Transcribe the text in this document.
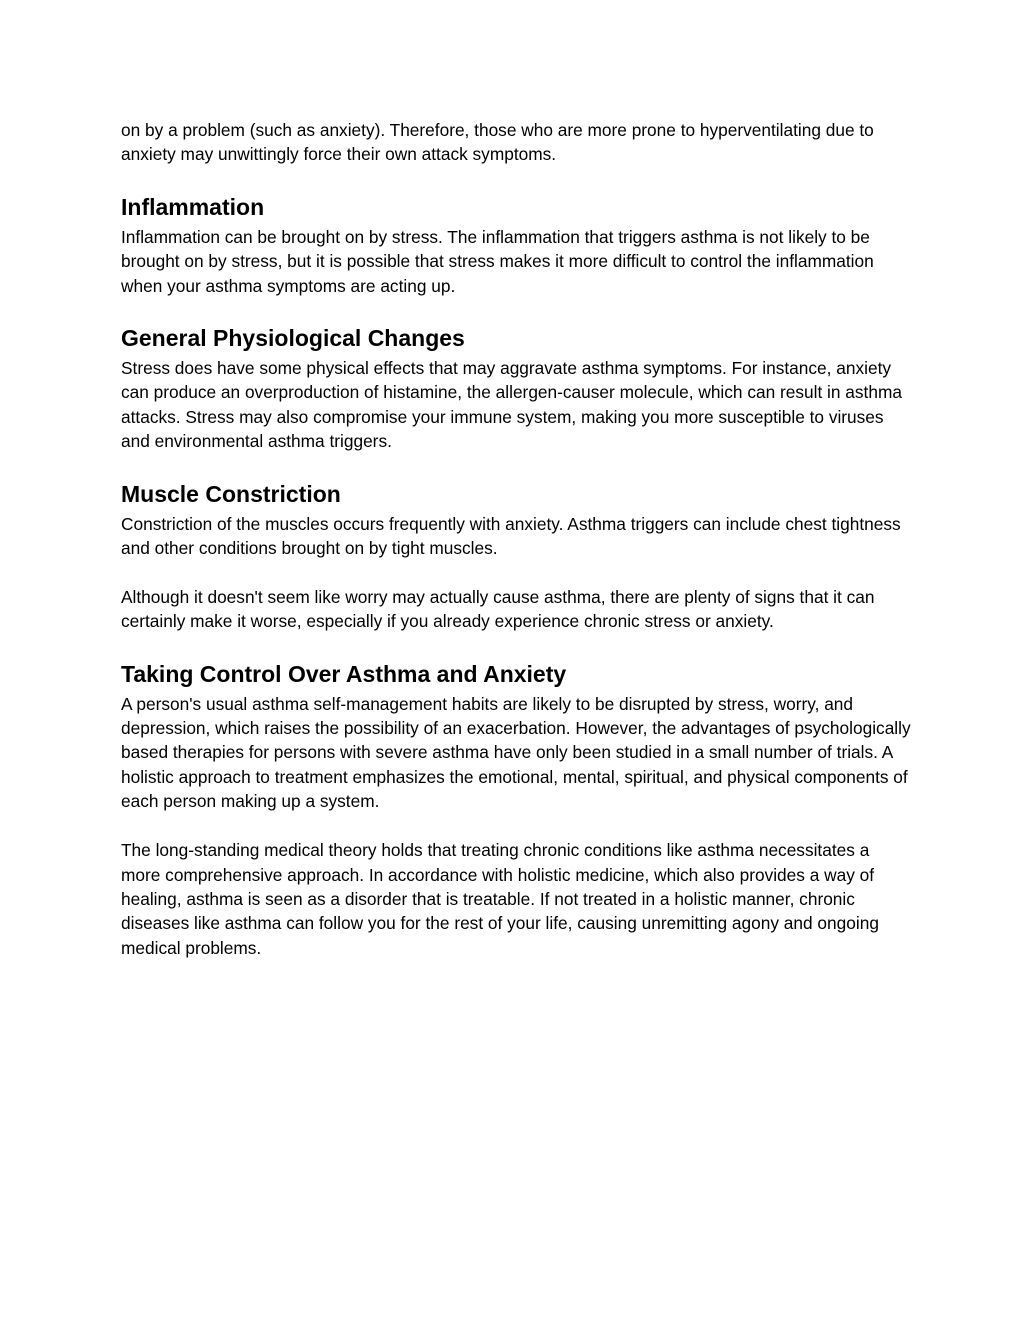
on by a problem (such as anxiety). Therefore, those who are more prone to hyperventilating due to anxiety may unwittingly force their own attack symptoms.

Inflammation

Inflammation can be brought on by stress. The inflammation that triggers asthma is not likely to be brought on by stress, but it is possible that stress makes it more difficult to control the inflammation when your asthma symptoms are acting up.

General Physiological Changes

Stress does have some physical effects that may aggravate asthma symptoms. For instance, anxiety can produce an overproduction of histamine, the allergen-causer molecule, which can result in asthma attacks. Stress may also compromise your immune system, making you more susceptible to viruses and environmental asthma triggers.

Muscle Constriction

Constriction of the muscles occurs frequently with anxiety. Asthma triggers can include chest tightness and other conditions brought on by tight muscles.

Although it doesn't seem like worry may actually cause asthma, there are plenty of signs that it can certainly make it worse, especially if you already experience chronic stress or anxiety.

Taking Control Over Asthma and Anxiety

A person's usual asthma self-management habits are likely to be disrupted by stress, worry, and depression, which raises the possibility of an exacerbation. However, the advantages of psychologically based therapies for persons with severe asthma have only been studied in a small number of trials. A holistic approach to treatment emphasizes the emotional, mental, spiritual, and physical components of each person making up a system.

The long-standing medical theory holds that treating chronic conditions like asthma necessitates a more comprehensive approach. In accordance with holistic medicine, which also provides a way of healing, asthma is seen as a disorder that is treatable. If not treated in a holistic manner, chronic diseases like asthma can follow you for the rest of your life, causing unremitting agony and ongoing medical problems.
